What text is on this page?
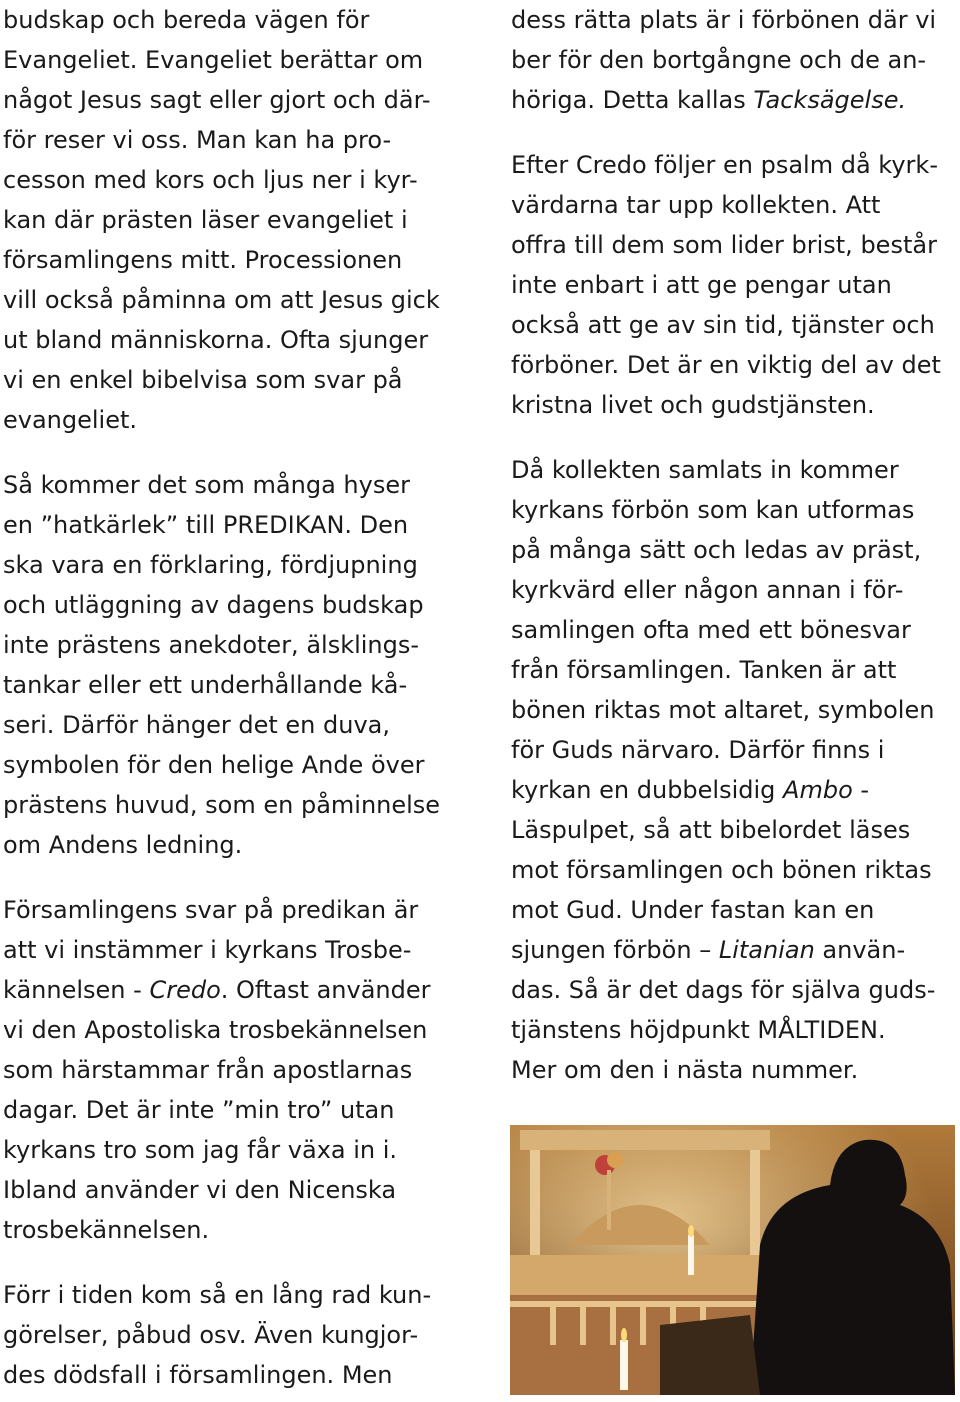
budskap och bereda vägen för
Evangeliet. Evangeliet berättar om
något Jesus sagt eller gjort och där-
för reser vi oss. Man kan ha pro-
cesson med kors och ljus ner i kyr-
kan där prästen läser evangeliet i
församlingens mitt. Processionen
vill också påminna om att Jesus gick
ut bland människorna. Ofta sjunger
vi en enkel bibelvisa som svar på
evangeliet.
Så kommer det som många hyser
en ”hatkärlek” till PREDIKAN. Den
ska vara en förklaring, fördjupning
och utläggning av dagens budskap
inte prästens anekdoter, älsklings-
tankar eller ett underhållande kå-
seri. Därför hänger det en duva,
symbolen för den helige Ande över
prästens huvud, som en påminnelse
om Andens ledning.
Församlingens svar på predikan är
att vi instämmer i kyrkans Trosbe-
kännelsen - Credo. Oftast använder
vi den Apostoliska trosbekännelsen
som härstammar från apostlarnas
dagar. Det är inte ”min tro” utan
kyrkans tro som jag får växa in i.
Ibland använder vi den Nicenska
trosbekännelsen.
Förr i tiden kom så en lång rad kun-
görelser, påbud osv. Även kungjor-
des dödsfall i församlingen. Men
dess rätta plats är i förbönen där vi
ber för den bortgångne och de an-
höriga. Detta kallas Tacksägelse.
Efter Credo följer en psalm då kyrk-
värdarna tar upp kollekten. Att
offra till dem som lider brist, består
inte enbart i att ge pengar utan
också att ge av sin tid, tjänster och
förböner. Det är en viktig del av det
kristna livet och gudstjänsten.
Då kollekten samlats in kommer
kyrkans förbön som kan utformas
på många sätt och ledas av präst,
kyrkvärd eller någon annan i för-
samlingen ofta med ett bönesvar
från församlingen. Tanken är att
bönen riktas mot altaret, symbolen
för Guds närvaro. Därför finns i
kyrkan en dubbelsidig Ambo -
Läspulpet, så att bibelordet läses
mot församlingen och bönen riktas
mot Gud. Under fastan kan en
sjungen förbön – Litanian använ-
das. Så är det dags för själva guds-
tjänstens höjdpunkt MÅLTIDEN.
Mer om den i nästa nummer.
